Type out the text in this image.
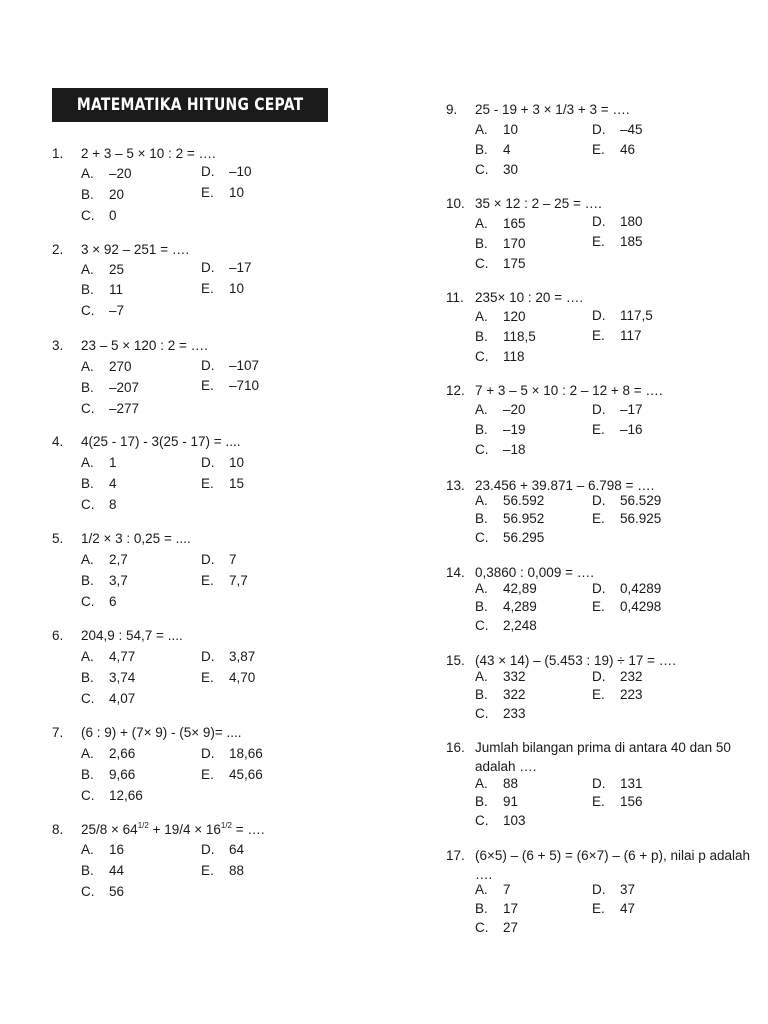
MATEMATIKA HITUNG CEPAT
1. 2 + 3 – 5 × 10 : 2 = ….
A. –20
B. 20
C. 0
D. –10
E. 10
2. 3 × 92 – 251 = ….
A. 25
B. 11
C. –7
D. –17
E. 10
3. 23 – 5 × 120 : 2 = ….
A. 270
B. –207
C. –277
D. –107
E. –710
4. 4(25 - 17) - 3(25 - 17) = ....
A. 1
B. 4
C. 8
D. 10
E. 15
5. 1/2 × 3 : 0,25 = ....
A. 2,7
B. 3,7
C. 6
D. 7
E. 7,7
6. 204,9 : 54,7 = ....
A. 4,77
B. 3,74
C. 4,07
D. 3,87
E. 4,70
7. (6 : 9) + (7× 9) - (5× 9)= ....
A. 2,66
B. 9,66
C. 12,66
D. 18,66
E. 45,66
8. $25/8 \times 64^{1/2} + 19/4 \times 16^{1/2}$ = ….
A. 16
B. 44
C. 56
D. 64
E. 88
9. 25 - 19 + 3 × 1/3 + 3 = ….
A. 10
B. 4
C. 30
D. –45
E. 46
10. 35 × 12 : 2 – 25 = ….
A. 165
B. 170
C. 175
D. 180
E. 185
11. 235× 10 : 20 = ….
A. 120
B. 118,5
C. 118
D. 117,5
E. 117
12. 7 + 3 – 5 × 10 : 2 – 12 + 8 = ….
A. –20
B. –19
C. –18
D. –17
E. –16
13. 23.456 + 39.871 – 6.798 = ….
A. 56.592
B. 56.952
C. 56.295
D. 56.529
E. 56.925
14. 0,3860 : 0,009 = ….
A. 42,89
B. 4,289
C. 2,248
D. 0,4289
E. 0,4298
15. (43 × 14) – (5.453 : 19) ÷ 17 = ….
A. 332
B. 322
C. 233
D. 232
E. 223
16. Jumlah bilangan prima di antara 40 dan 50 adalah ….
A. 88
B. 91
C. 103
D. 131
E. 156
17. (6×5) – (6 + 5) = (6×7) – (6 + p), nilai p adalah ….
A. 7
B. 17
C. 27
D. 37
E. 47
